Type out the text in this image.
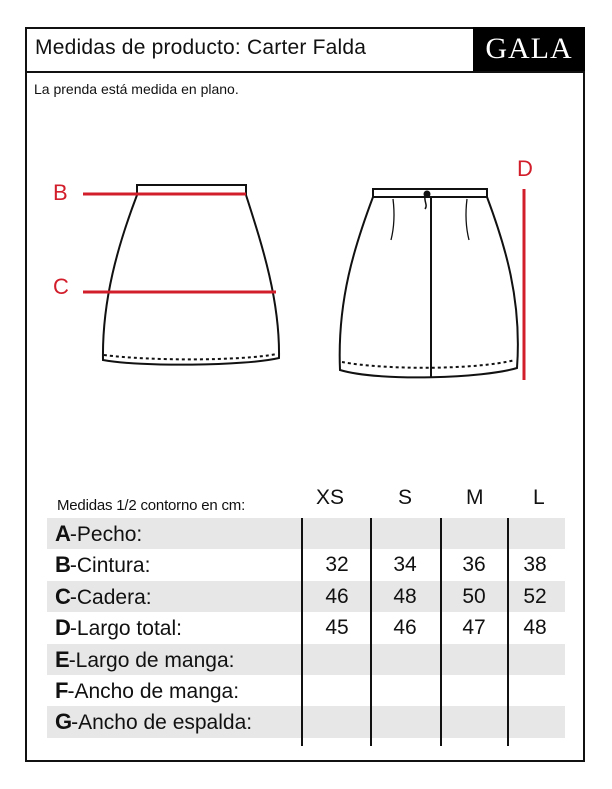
Medidas de producto: Carter Falda	GALA
La prenda está medida en plano.
B
C
D
XS	S	M L
Medidas 1/2 contorno en cm:
A-Pecho:
B-Cintura:	32	34	36	38
C-Cadera:	46	48	50	52
D-Largo total:	45	46	47	48
E-Largo de manga:
F-Ancho de manga:
G-Ancho de espalda:
